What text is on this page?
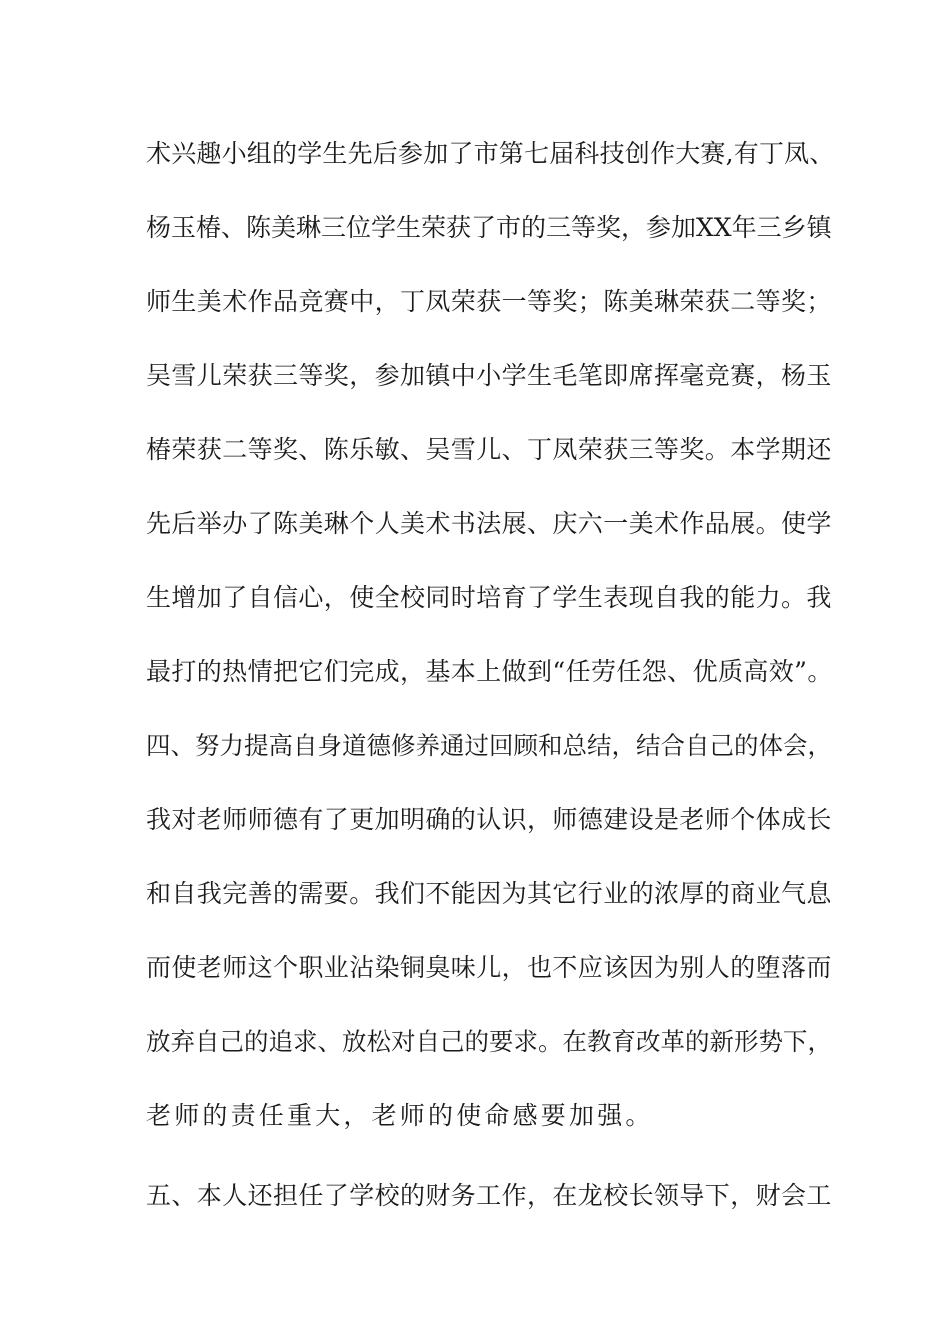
术兴趣小组的学生先后参加了市第七届科技创作大赛,有丁凤、
杨玉椿、陈美琳三位学生荣获了市的三等奖，参加XX年三乡镇
师生美术作品竞赛中，丁凤荣获一等奖；陈美琳荣获二等奖；
吴雪儿荣获三等奖，参加镇中小学生毛笔即席挥毫竞赛，杨玉
椿荣获二等奖、陈乐敏、吴雪儿、丁凤荣获三等奖。本学期还
先后举办了陈美琳个人美术书法展、庆六一美术作品展。使学
生增加了自信心，使全校同时培育了学生表现自我的能力。我
最打的热情把它们完成，基本上做到“任劳任怨、优质高效”。
四、努力提高自身道德修养通过回顾和总结，结合自己的体会，
我对老师师德有了更加明确的认识，师德建设是老师个体成长
和自我完善的需要。我们不能因为其它行业的浓厚的商业气息
而使老师这个职业沾染铜臭味儿，也不应该因为别人的堕落而
放弃自己的追求、放松对自己的要求。在教育改革的新形势下，
老师的责任重大，老师的使命感要加强。
五、本人还担任了学校的财务工作，在龙校长领导下，财会工
